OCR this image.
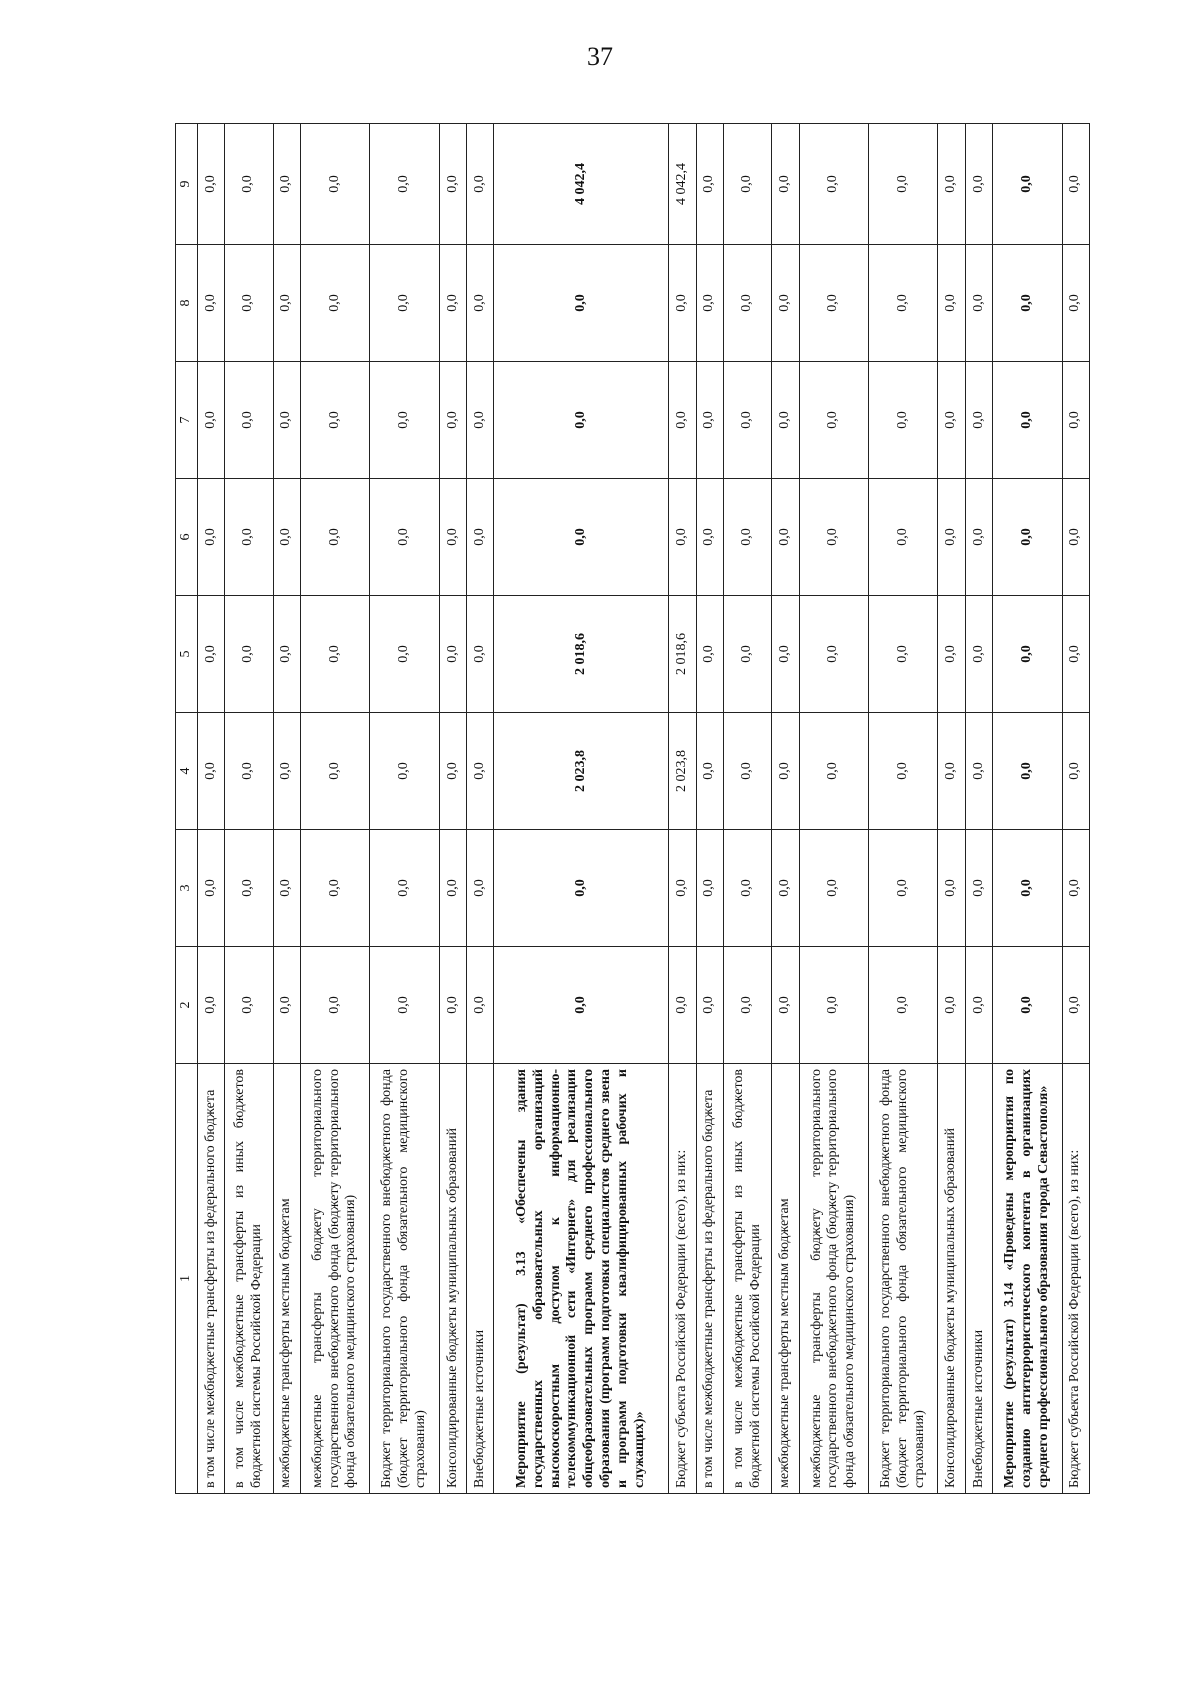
37
1	2	3	4	5	6	7	8	9
в том числе межбюджетные трансферты из федерального бюджета	0,0	0,0	0,0	0,0	0,0	0,0	0,0	0,0
в том числе межбюджетные трансферты из иных бюджетов бюджетной системы Российской Федерации	0,0	0,0	0,0	0,0	0,0	0,0	0,0	0,0
межбюджетные трансферты местным бюджетам	0,0	0,0	0,0	0,0	0,0	0,0	0,0	0,0
межбюджетные трансферты бюджету территориального государственного внебюджетного фонда (бюджету территориального фонда обязательного медицинского страхования)	0,0	0,0	0,0	0,0	0,0	0,0	0,0	0,0
Бюджет территориального государственного внебюджетного фонда (бюджет территориального фонда обязательного медицинского страхования)	0,0	0,0	0,0	0,0	0,0	0,0	0,0	0,0
Консолидированные бюджеты муниципальных образований	0,0	0,0	0,0	0,0	0,0	0,0	0,0	0,0
Внебюджетные источники	0,0	0,0	0,0	0,0	0,0	0,0	0,0	0,0
Мероприятие (результат) 3.13 «Обеспечены здания государственных образовательных организаций высокоскоростным доступом к информационно-телекоммуникационной сети «Интернет» для реализации общеобразовательных программ среднего профессионального образования (программ подготовки специалистов среднего звена и программ подготовки квалифицированных рабочих и служащих)»	0,0	0,0	2 023,8	2 018,6	0,0	0,0	0,0	4 042,4
Бюджет субъекта Российской Федерации (всего), из них:	0,0	0,0	2 023,8	2 018,6	0,0	0,0	0,0	4 042,4
в том числе межбюджетные трансферты из федерального бюджета	0,0	0,0	0,0	0,0	0,0	0,0	0,0	0,0
в том числе межбюджетные трансферты из иных бюджетов бюджетной системы Российской Федерации	0,0	0,0	0,0	0,0	0,0	0,0	0,0	0,0
межбюджетные трансферты местным бюджетам	0,0	0,0	0,0	0,0	0,0	0,0	0,0	0,0
межбюджетные трансферты бюджету территориального государственного внебюджетного фонда (бюджету территориального фонда обязательного медицинского страхования)	0,0	0,0	0,0	0,0	0,0	0,0	0,0	0,0
Бюджет территориального государственного внебюджетного фонда (бюджет территориального фонда обязательного медицинского страхования)	0,0	0,0	0,0	0,0	0,0	0,0	0,0	0,0
Консолидированные бюджеты муниципальных образований	0,0	0,0	0,0	0,0	0,0	0,0	0,0	0,0
Внебюджетные источники	0,0	0,0	0,0	0,0	0,0	0,0	0,0	0,0
Мероприятие (результат) 3.14 «Проведены мероприятия по созданию антитеррористического контента в организациях среднего профессионального образования города Севастополя»	0,0	0,0	0,0	0,0	0,0	0,0	0,0	0,0
Бюджет субъекта Российской Федерации (всего), из них:	0,0	0,0	0,0	0,0	0,0	0,0	0,0	0,0
